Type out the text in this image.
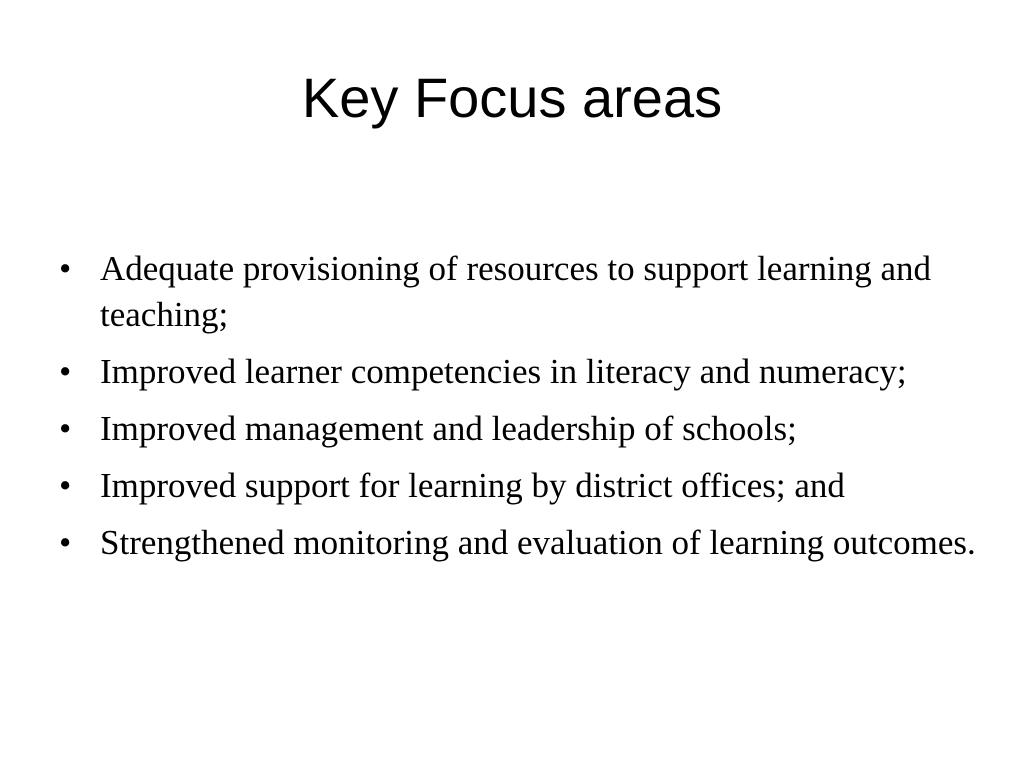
Key Focus areas
• Adequate provisioning of resources to support learning and teaching;
• Improved learner competencies in literacy and numeracy;
• Improved management and leadership of schools;
• Improved support for learning by district offices; and
• Strengthened monitoring and evaluation of learning outcomes.
